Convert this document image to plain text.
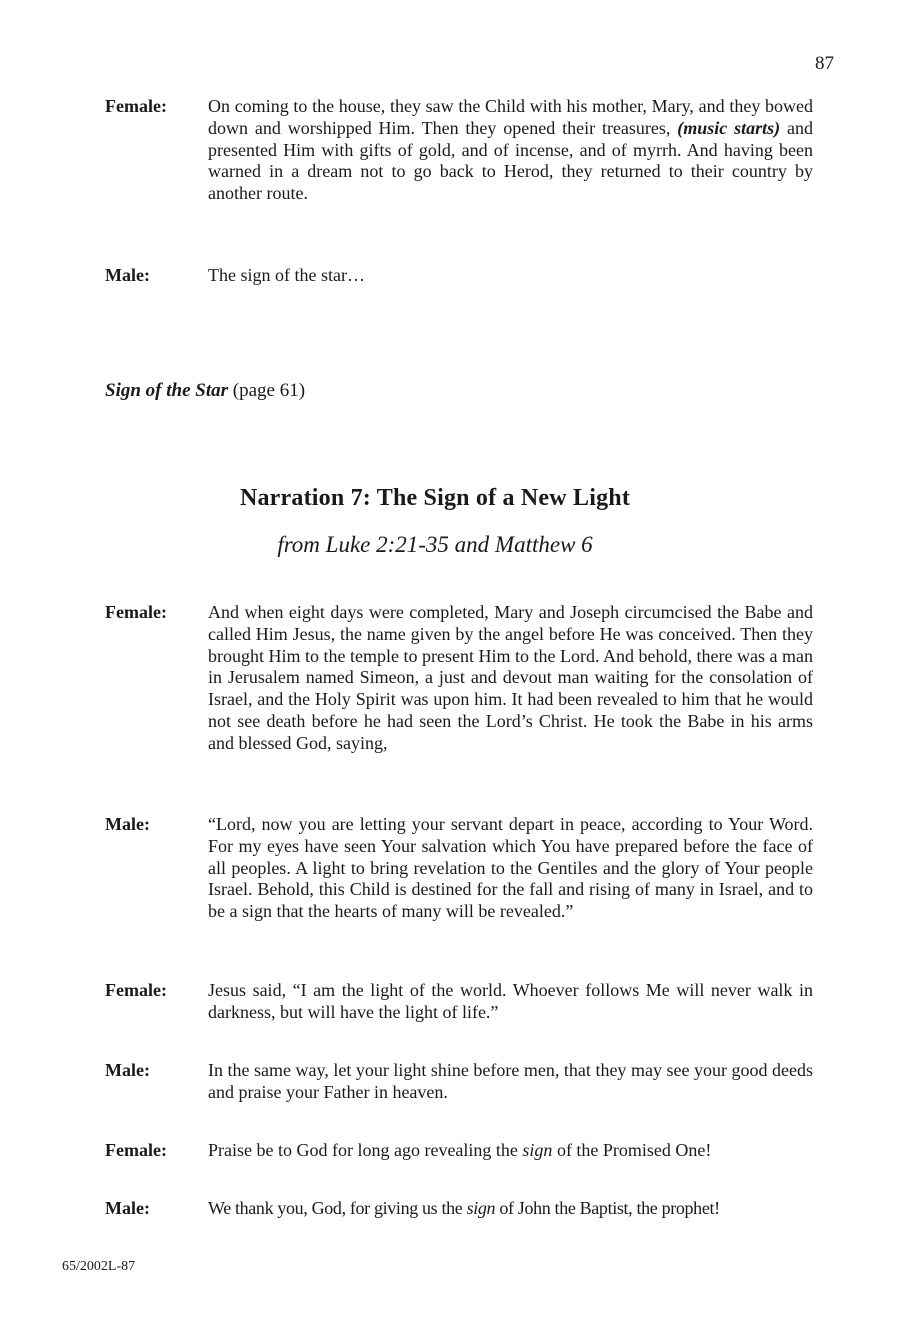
87
Female:	On coming to the house, they saw the Child with his mother, Mary, and they bowed down and worshipped Him. Then they opened their treasures, (music starts) and presented Him with gifts of gold, and of incense, and of myrrh. And having been warned in a dream not to go back to Herod, they returned to their country by another route.
Male:	The sign of the star…
Sign of the Star (page 61)
Narration 7: The Sign of a New Light
from Luke 2:21-35 and Matthew 6
Female:	And when eight days were completed, Mary and Joseph circumcised the Babe and called Him Jesus, the name given by the angel before He was conceived. Then they brought Him to the temple to present Him to the Lord. And behold, there was a man in Jerusalem named Simeon, a just and devout man waiting for the consolation of Israel, and the Holy Spirit was upon him. It had been revealed to him that he would not see death before he had seen the Lord’s Christ. He took the Babe in his arms and blessed God, saying,
Male:	“Lord, now you are letting your servant depart in peace, according to Your Word. For my eyes have seen Your salvation which You have prepared before the face of all peoples. A light to bring revelation to the Gentiles and the glory of Your people Israel. Behold, this Child is destined for the fall and rising of many in Israel, and to be a sign that the hearts of many will be revealed.”
Female:	Jesus said, “I am the light of the world. Whoever follows Me will never walk in darkness, but will have the light of life.”
Male:	In the same way, let your light shine before men, that they may see your good deeds and praise your Father in heaven.
Female:	Praise be to God for long ago revealing the sign of the Promised One!
Male:	We thank you, God, for giving us the sign of John the Baptist, the prophet!
65/2002L-87
